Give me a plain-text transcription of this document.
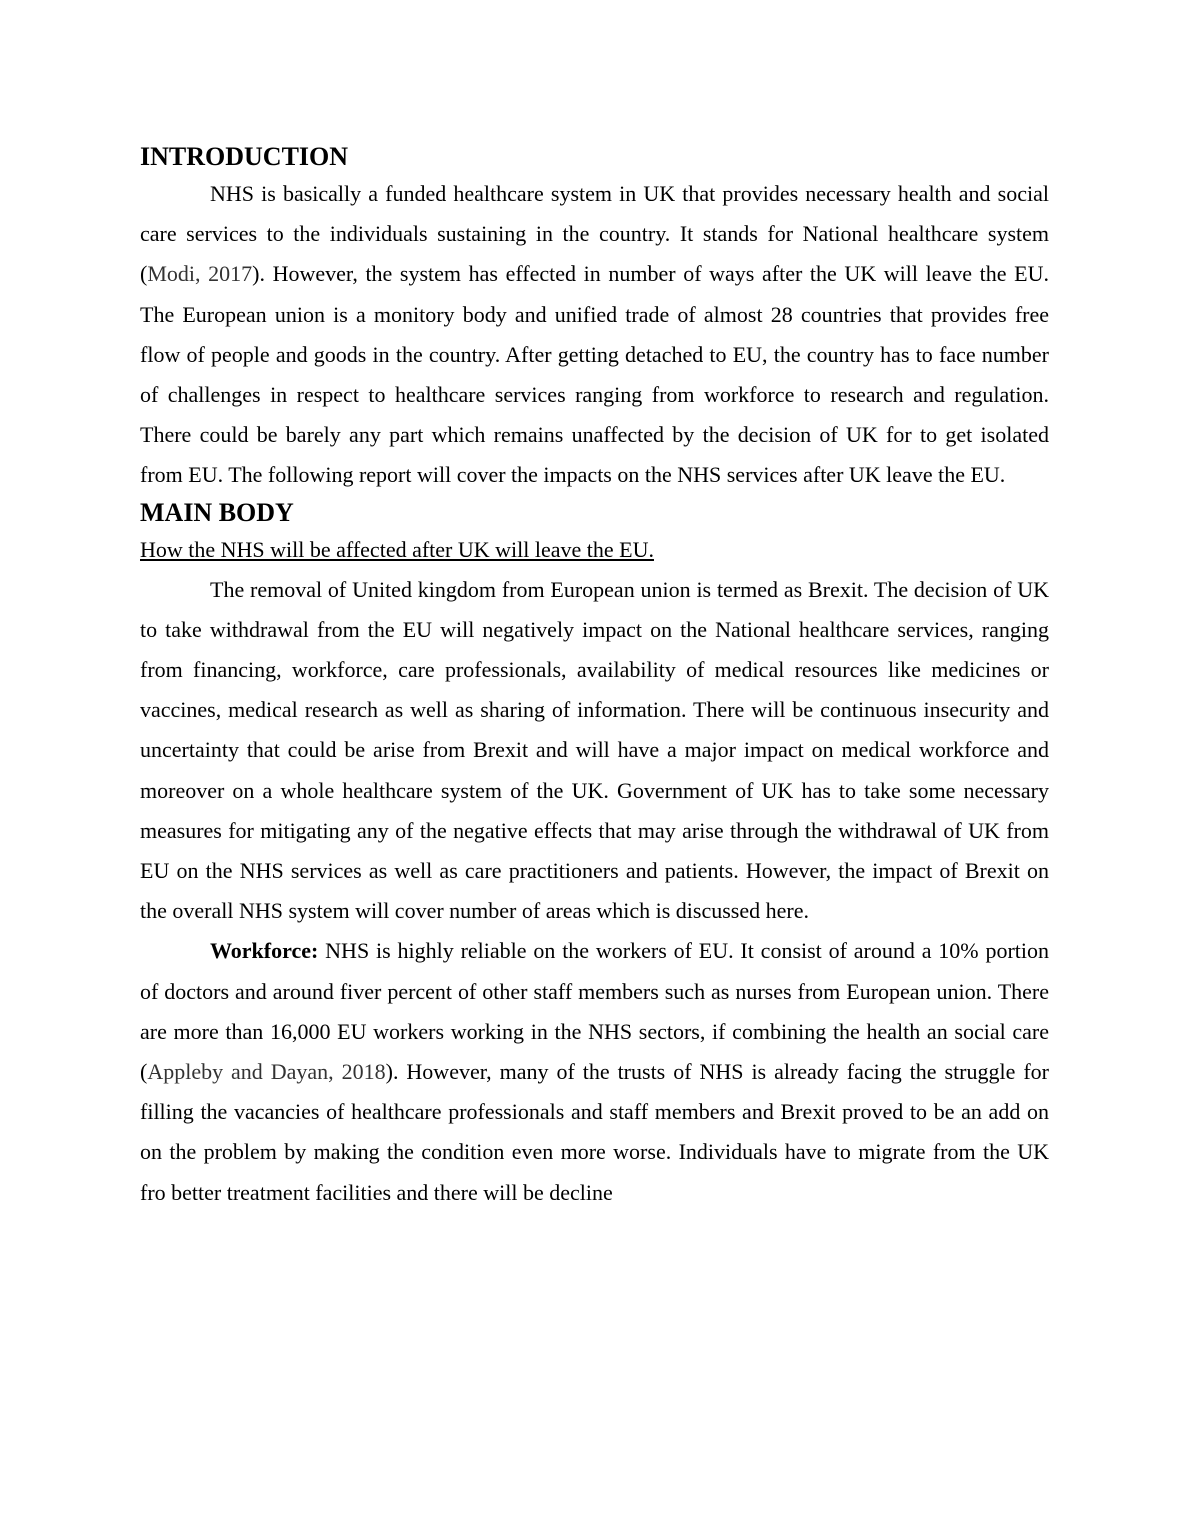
INTRODUCTION

NHS is basically a funded healthcare system in UK that provides necessary health and social care services to the individuals sustaining in the country. It stands for National healthcare system (Modi, 2017). However, the system has effected in number of ways after the UK will leave the EU. The European union is a monitory body and unified trade of almost 28 countries that provides free flow of people and goods in the country. After getting detached to EU, the country has to face number of challenges in respect to healthcare services ranging from workforce to research and regulation. There could be barely any part which remains unaffected by the decision of UK for to get isolated from EU. The following report will cover the impacts on the NHS services after UK leave the EU.

MAIN BODY

How the NHS will be affected after UK will leave the EU.

The removal of United kingdom from European union is termed as Brexit. The decision of UK to take withdrawal from the EU will negatively impact on the National healthcare services, ranging from financing, workforce, care professionals, availability of medical resources like medicines or vaccines, medical research as well as sharing of information. There will be continuous insecurity and uncertainty that could be arise from Brexit and will have a major impact on medical workforce and moreover on a whole healthcare system of the UK. Government of UK has to take some necessary measures for mitigating any of the negative effects that may arise through the withdrawal of UK from EU on the NHS services as well as care practitioners and patients. However, the impact of Brexit on the overall NHS system will cover number of areas which is discussed here.

Workforce: NHS is highly reliable on the workers of EU. It consist of around a 10% portion of doctors and around fiver percent of other staff members such as nurses from European union. There are more than 16,000 EU workers working in the NHS sectors, if combining the health an social care (Appleby and Dayan, 2018). However, many of the trusts of NHS is already facing the struggle for filling the vacancies of healthcare professionals and staff members and Brexit proved to be an add on on the problem by making the condition even more worse. Individuals have to migrate from the UK fro better treatment facilities and there will be decline
